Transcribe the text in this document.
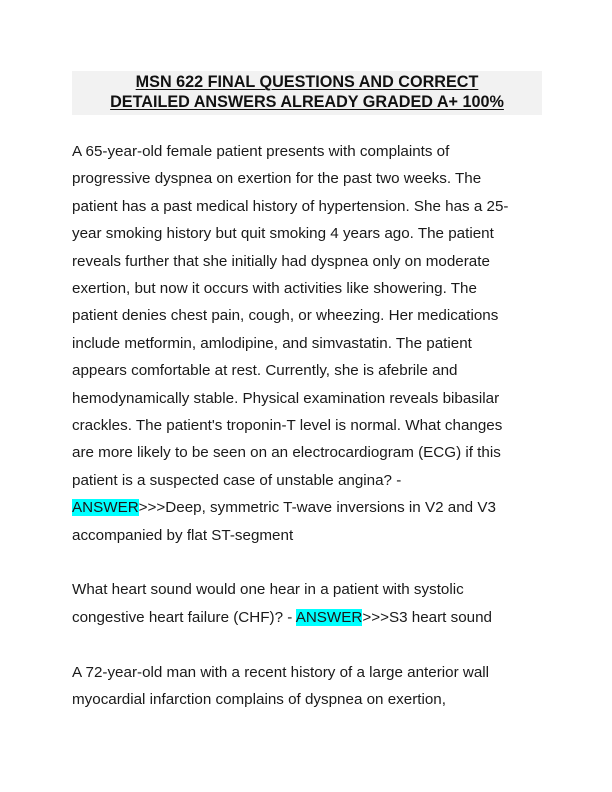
MSN 622 FINAL QUESTIONS AND CORRECT
DETAILED ANSWERS ALREADY GRADED A+ 100%

A 65-year-old female patient presents with complaints of
progressive dyspnea on exertion for the past two weeks. The
patient has a past medical history of hypertension. She has a 25-
year smoking history but quit smoking 4 years ago. The patient
reveals further that she initially had dyspnea only on moderate
exertion, but now it occurs with activities like showering. The
patient denies chest pain, cough, or wheezing. Her medications
include metformin, amlodipine, and simvastatin. The patient
appears comfortable at rest. Currently, she is afebrile and
hemodynamically stable. Physical examination reveals bibasilar
crackles. The patient's troponin-T level is normal. What changes
are more likely to be seen on an electrocardiogram (ECG) if this
patient is a suspected case of unstable angina? -
ANSWER>>>Deep, symmetric T-wave inversions in V2 and V3
accompanied by flat ST-segment

What heart sound would one hear in a patient with systolic
congestive heart failure (CHF)? - ANSWER>>>S3 heart sound

A 72-year-old man with a recent history of a large anterior wall
myocardial infarction complains of dyspnea on exertion,
